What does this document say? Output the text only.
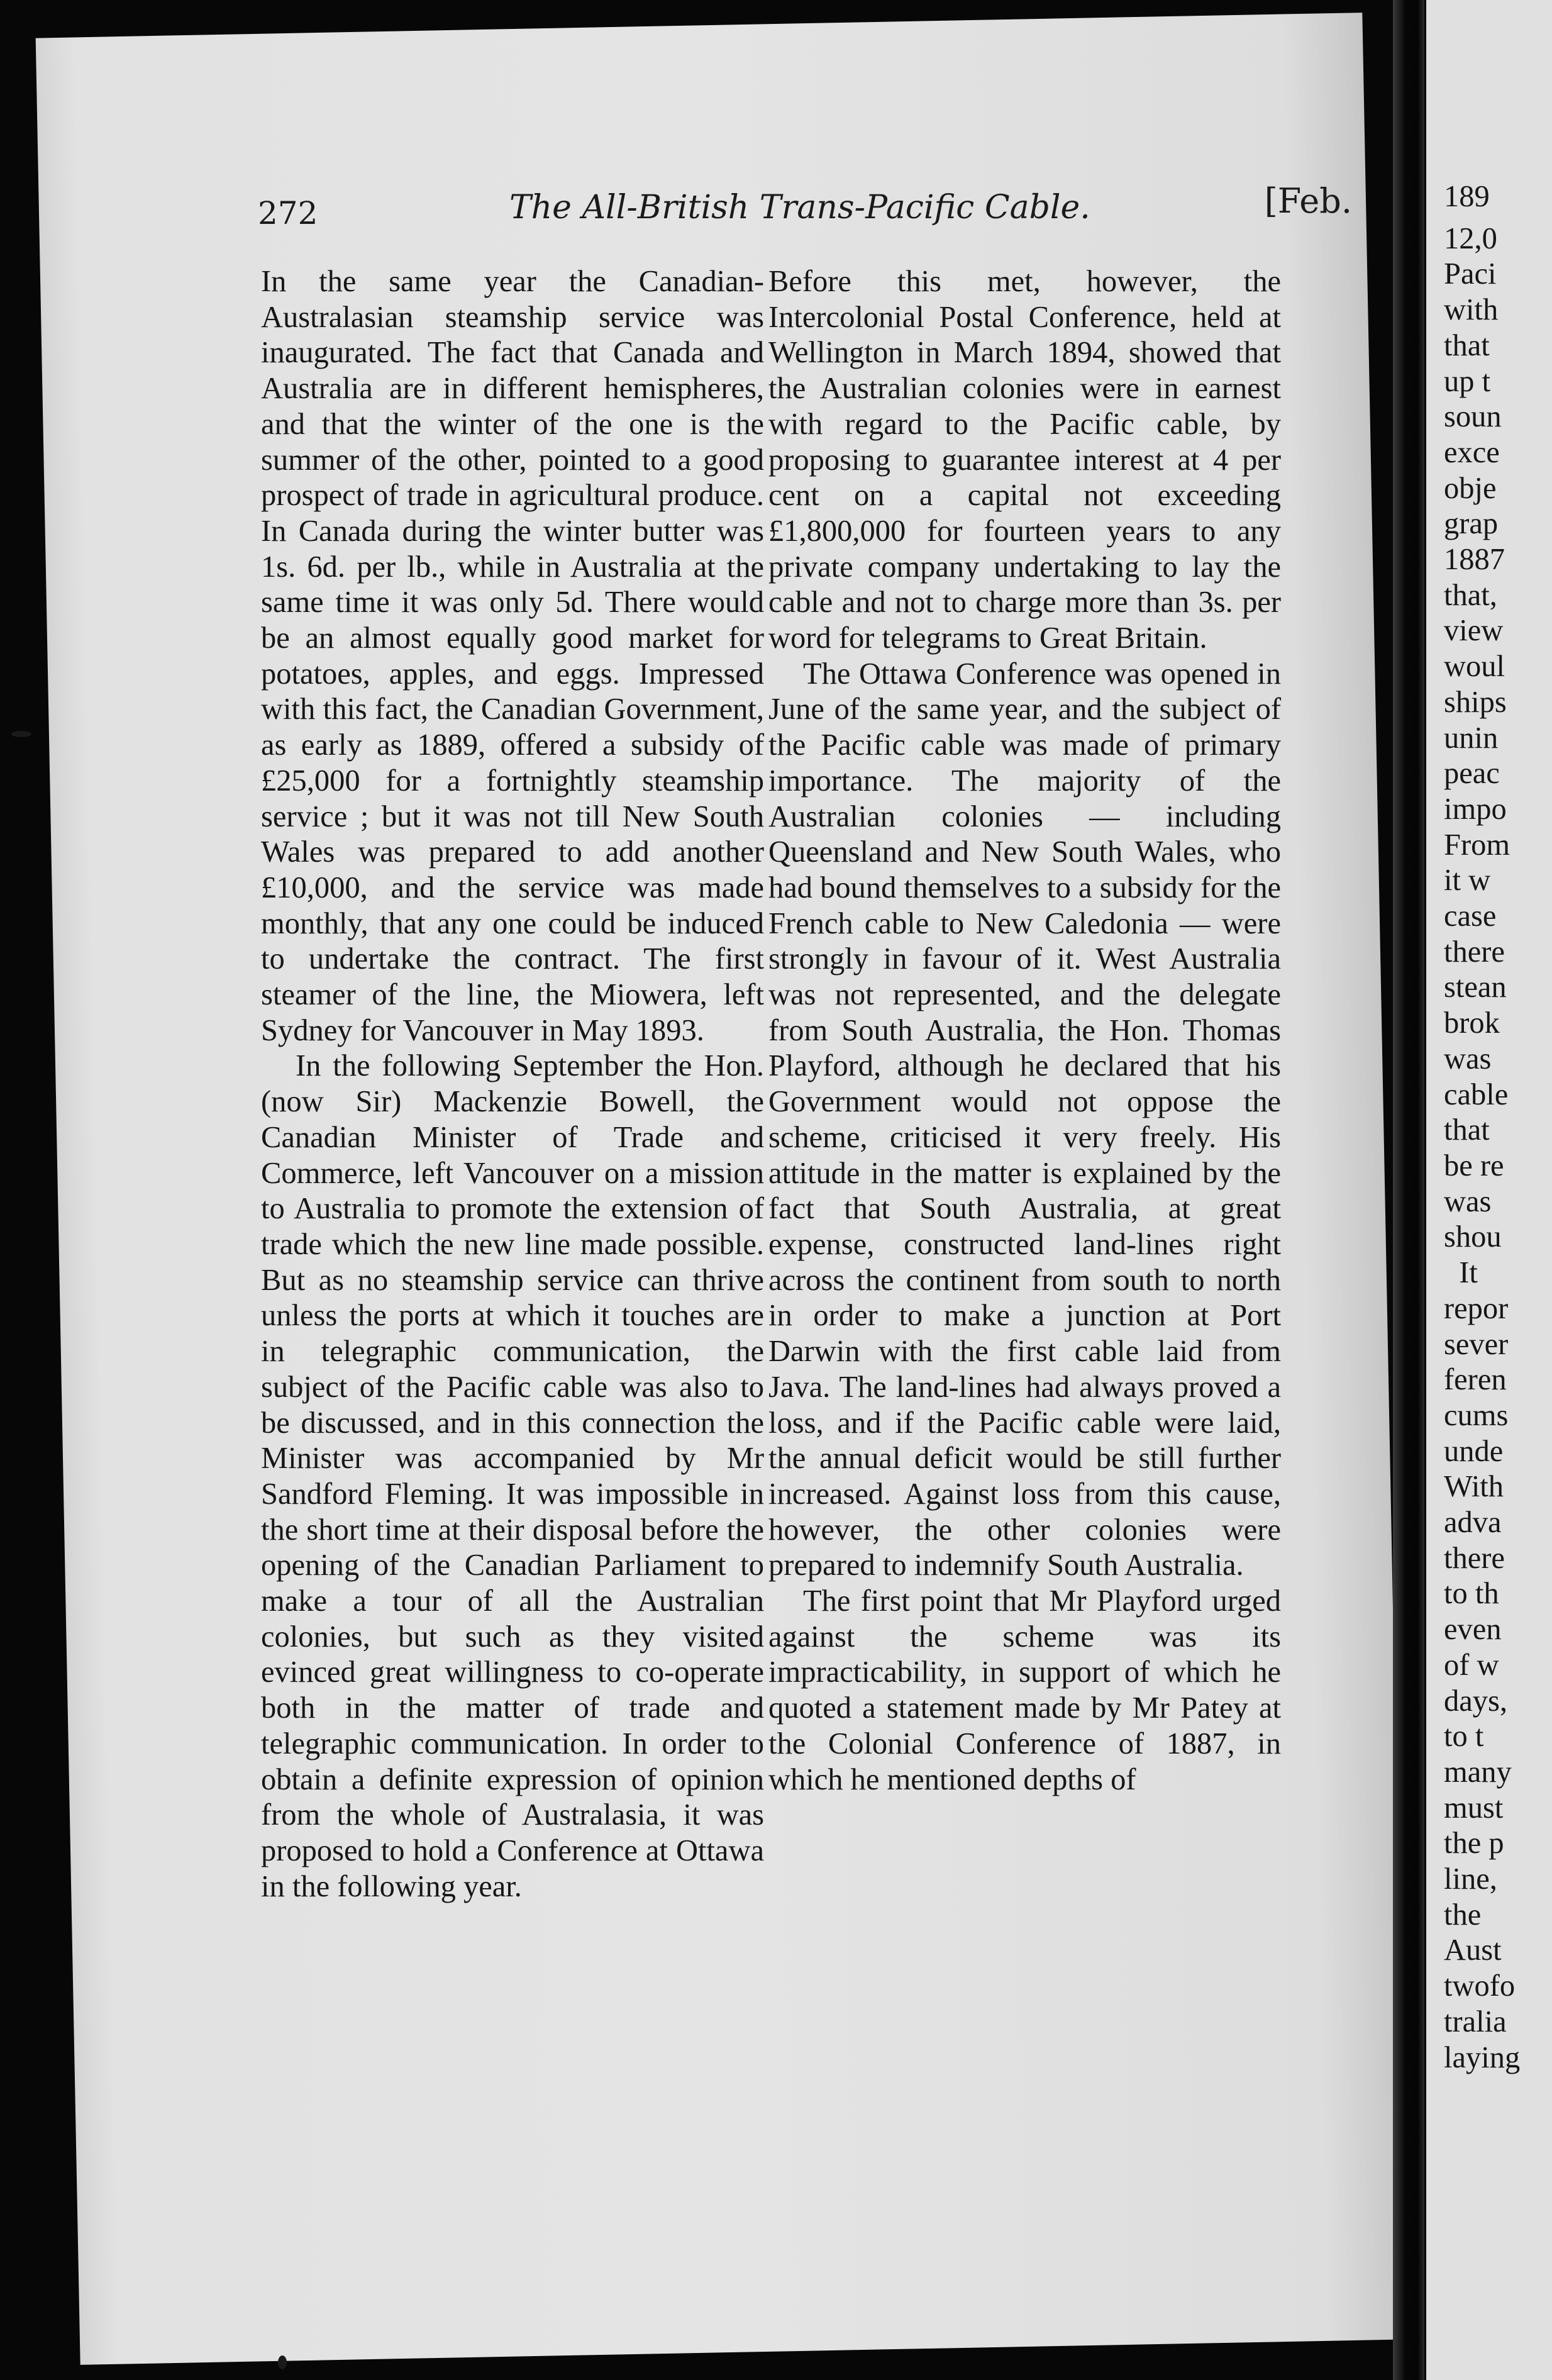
272	The All-British Trans-Pacific Cable.	[Feb.

In the same year the Canadian-Australasian steamship service was inaugurated. The fact that Canada and Australia are in different hemispheres, and that the winter of the one is the summer of the other, pointed to a good prospect of trade in agricultural produce. In Canada during the winter butter was 1s. 6d. per lb., while in Australia at the same time it was only 5d. There would be an almost equally good market for potatoes, apples, and eggs. Impressed with this fact, the Canadian Government, as early as 1889, offered a subsidy of £25,000 for a fortnightly steamship service ; but it was not till New South Wales was prepared to add another £10,000, and the service was made monthly, that any one could be induced to undertake the contract. The first steamer of the line, the Miowera, left Sydney for Vancouver in May 1893.

In the following September the Hon. (now Sir) Mackenzie Bowell, the Canadian Minister of Trade and Commerce, left Vancouver on a mission to Australia to promote the extension of trade which the new line made possible. But as no steamship service can thrive unless the ports at which it touches are in telegraphic communication, the subject of the Pacific cable was also to be discussed, and in this connection the Minister was accompanied by Mr Sandford Fleming. It was impossible in the short time at their disposal before the opening of the Canadian Parliament to make a tour of all the Australian colonies, but such as they visited evinced great willingness to co-operate both in the matter of trade and telegraphic communication. In order to obtain a definite expression of opinion from the whole of Australasia, it was proposed to hold a Conference at Ottawa in the following year.

Before this met, however, the Intercolonial Postal Conference, held at Wellington in March 1894, showed that the Australian colonies were in earnest with regard to the Pacific cable, by proposing to guarantee interest at 4 per cent on a capital not exceeding £1,800,000 for fourteen years to any private company undertaking to lay the cable and not to charge more than 3s. per word for telegrams to Great Britain.

The Ottawa Conference was opened in June of the same year, and the subject of the Pacific cable was made of primary importance. The majority of the Australian colonies — including Queensland and New South Wales, who had bound themselves to a subsidy for the French cable to New Caledonia — were strongly in favour of it. West Australia was not represented, and the delegate from South Australia, the Hon. Thomas Playford, although he declared that his Government would not oppose the scheme, criticised it very freely. His attitude in the matter is explained by the fact that South Australia, at great expense, constructed land-lines right across the continent from south to north in order to make a junction at Port Darwin with the first cable laid from Java. The land-lines had always proved a loss, and if the Pacific cable were laid, the annual deficit would be still further increased. Against loss from this cause, however, the other colonies were prepared to indemnify South Australia.

The first point that Mr Playford urged against the scheme was its impracticability, in support of which he quoted a statement made by Mr Patey at the Colonial Conference of 1887, in which he mentioned depths of

189
12,0
Paci
with
that
up t
soun
exce
obje
grap
1887
that,
view
woul
ships
unin
peac
impo
From
it w
case
there
stean
brok
was
cable
that
be re
was
shou
It
repor
sever
feren
cums
unde
With
adva
there
to th
even
of w
days,
to t
many
must
the p
line,
the
Aust
twofo
tralia
laying
